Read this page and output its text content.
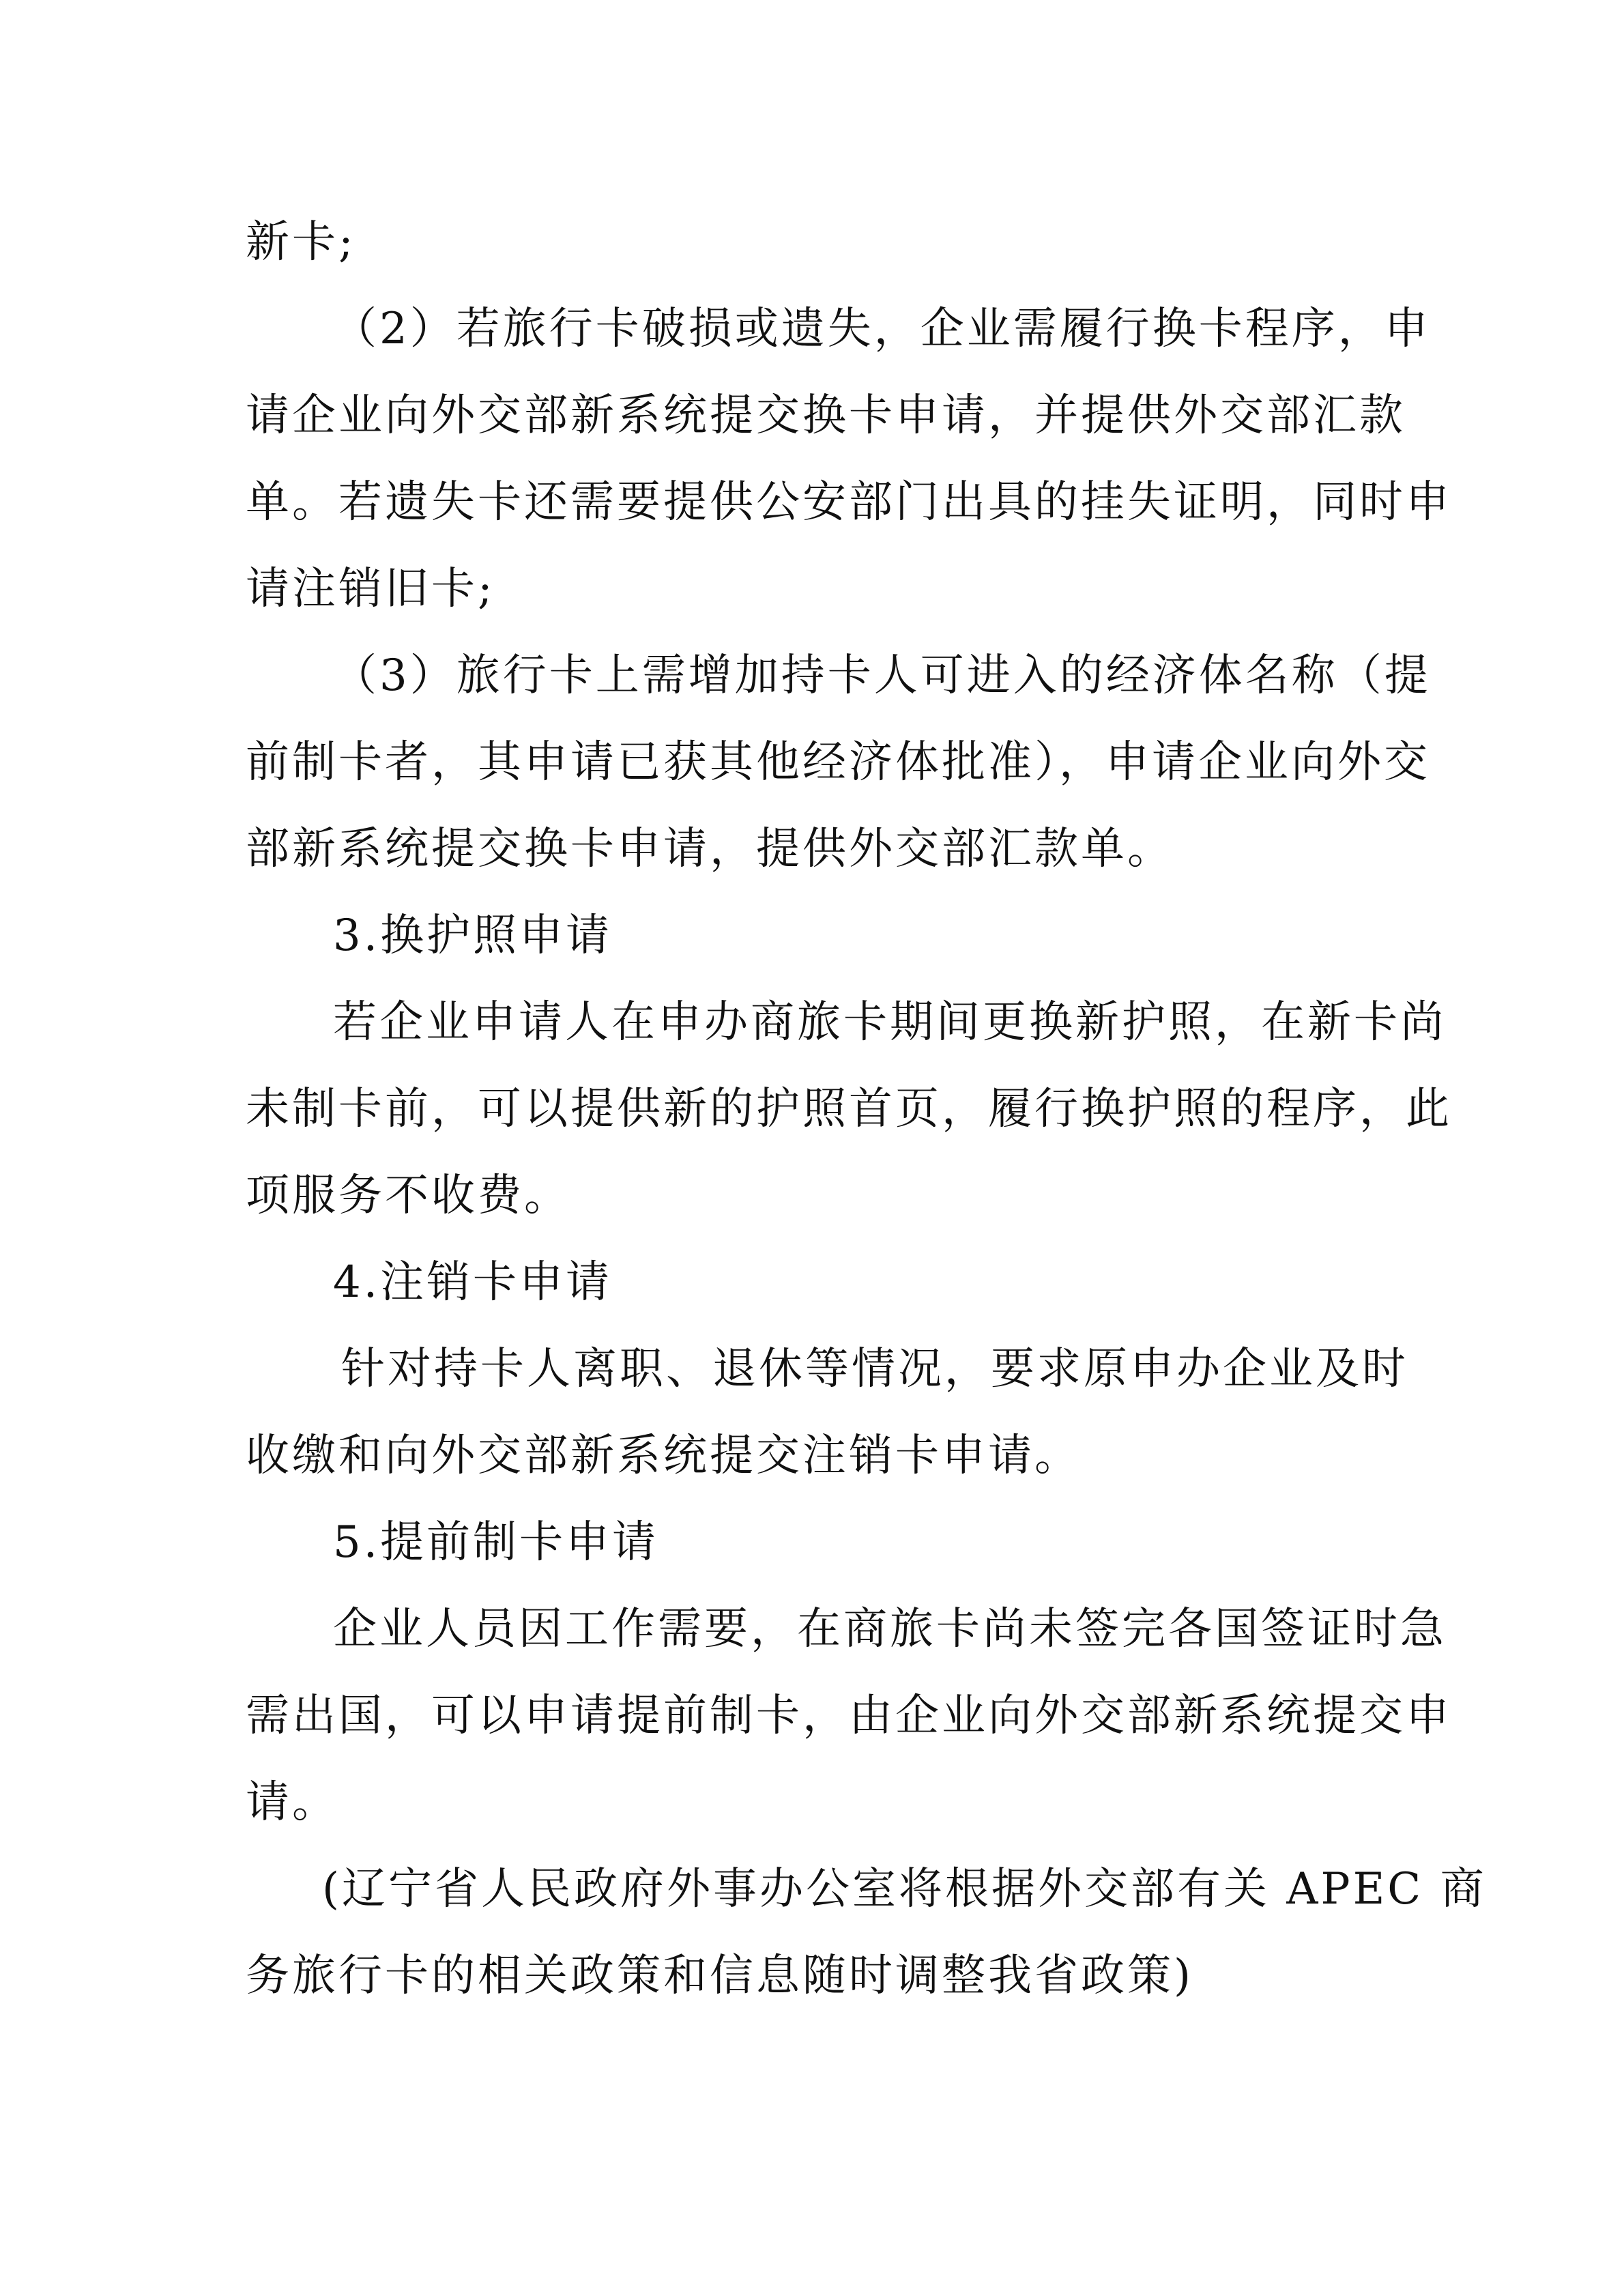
新卡;
（2）若旅行卡破损或遗失，企业需履行换卡程序，申
请企业向外交部新系统提交换卡申请，并提供外交部汇款
单。若遗失卡还需要提供公安部门出具的挂失证明，同时申
请注销旧卡;
（3）旅行卡上需增加持卡人可进入的经济体名称（提
前制卡者，其申请已获其他经济体批准），申请企业向外交
部新系统提交换卡申请，提供外交部汇款单。
3.换护照申请
若企业申请人在申办商旅卡期间更换新护照，在新卡尚
未制卡前，可以提供新的护照首页，履行换护照的程序，此
项服务不收费。
4.注销卡申请
针对持卡人离职、退休等情况，要求原申办企业及时
收缴和向外交部新系统提交注销卡申请。
5.提前制卡申请
企业人员因工作需要，在商旅卡尚未签完各国签证时急
需出国，可以申请提前制卡，由企业向外交部新系统提交申
请。
(辽宁省人民政府外事办公室将根据外交部有关 APEC 商
务旅行卡的相关政策和信息随时调整我省政策)
